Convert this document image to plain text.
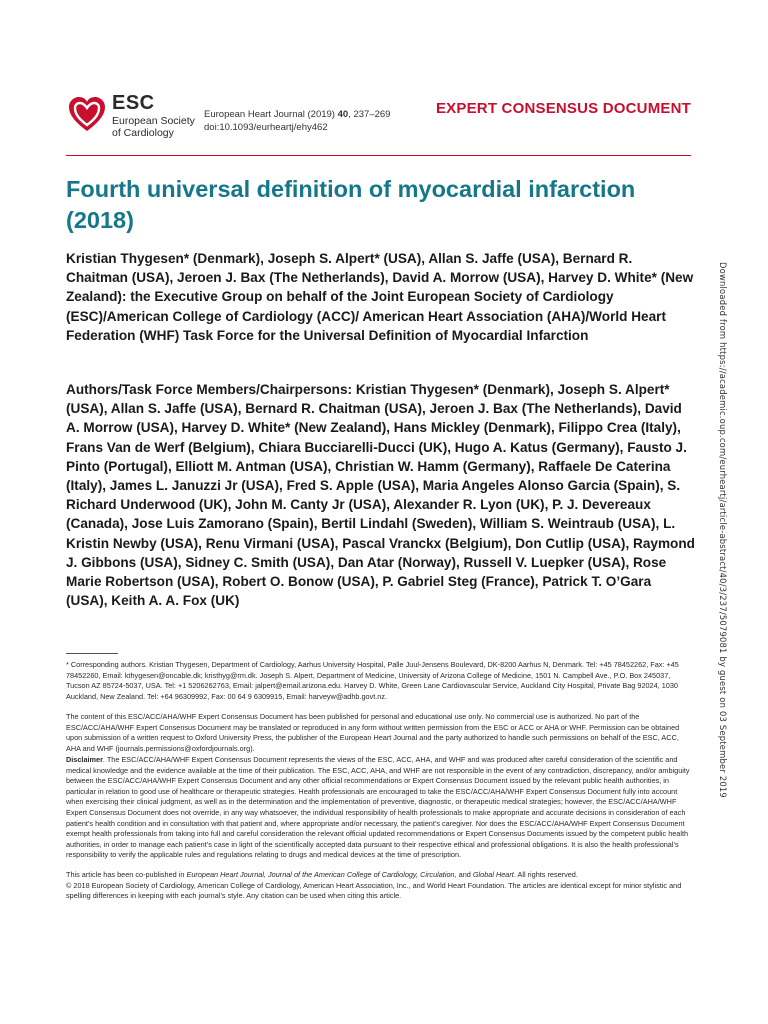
ESC
European Society
of Cardiology
European Heart Journal (2019) 40, 237–269
doi:10.1093/eurheartj/ehy462
EXPERT CONSENSUS DOCUMENT
Fourth universal definition of myocardial infarction (2018)

Kristian Thygesen* (Denmark), Joseph S. Alpert* (USA), Allan S. Jaffe (USA), Bernard R. Chaitman (USA), Jeroen J. Bax (The Netherlands), David A. Morrow (USA), Harvey D. White* (New Zealand): the Executive Group on behalf of the Joint European Society of Cardiology (ESC)/American College of Cardiology (ACC)/ American Heart Association (AHA)/World Heart Federation (WHF) Task Force for the Universal Definition of Myocardial Infarction

Authors/Task Force Members/Chairpersons: Kristian Thygesen* (Denmark), Joseph S. Alpert* (USA), Allan S. Jaffe (USA), Bernard R. Chaitman (USA), Jeroen J. Bax (The Netherlands), David A. Morrow (USA), Harvey D. White* (New Zealand), Hans Mickley (Denmark), Filippo Crea (Italy), Frans Van de Werf (Belgium), Chiara Bucciarelli-Ducci (UK), Hugo A. Katus (Germany), Fausto J. Pinto (Portugal), Elliott M. Antman (USA), Christian W. Hamm (Germany), Raffaele De Caterina (Italy), James L. Januzzi Jr (USA), Fred S. Apple (USA), Maria Angeles Alonso Garcia (Spain), S. Richard Underwood (UK), John M. Canty Jr (USA), Alexander R. Lyon (UK), P. J. Devereaux (Canada), Jose Luis Zamorano (Spain), Bertil Lindahl (Sweden), William S. Weintraub (USA), L. Kristin Newby (USA), Renu Virmani (USA), Pascal Vranckx (Belgium), Don Cutlip (USA), Raymond J. Gibbons (USA), Sidney C. Smith (USA), Dan Atar (Norway), Russell V. Luepker (USA), Rose Marie Robertson (USA), Robert O. Bonow (USA), P. Gabriel Steg (France), Patrick T. O’Gara (USA), Keith A. A. Fox (UK)

* Corresponding authors. Kristian Thygesen, Department of Cardiology, Aarhus University Hospital, Palle Juul-Jensens Boulevard, DK-8200 Aarhus N, Denmark. Tel: +45 78452262, Fax: +45 78452260, Email: kthygesen@oncable.dk; kristhyg@rm.dk. Joseph S. Alpert, Department of Medicine, University of Arizona College of Medicine, 1501 N. Campbell Ave., P.O. Box 245037, Tucson AZ 85724-5037, USA. Tel: +1 5206262763, Email: jalpert@email.arizona.edu. Harvey D. White, Green Lane Cardiovascular Service, Auckland City Hospital, Private Bag 92024, 1030 Auckland, New Zealand. Tel: +64 96309992, Fax: 00 64 9 6309915, Email: harveyw@adhb.govt.nz.

The content of this ESC/ACC/AHA/WHF Expert Consensus Document has been published for personal and educational use only. No commercial use is authorized. No part of the ESC/ACC/AHA/WHF Expert Consensus Document may be translated or reproduced in any form without written permission from the ESC or ACC or AHA or WHF. Permission can be obtained upon submission of a written request to Oxford University Press, the publisher of the European Heart Journal and the party authorized to handle such permissions on behalf of the ESC, ACC, AHA and WHF (journals.permissions@oxfordjournals.org).

Disclaimer. The ESC/ACC/AHA/WHF Expert Consensus Document represents the views of the ESC, ACC, AHA, and WHF and was produced after careful consideration of the scientific and medical knowledge and the evidence available at the time of their publication. The ESC, ACC, AHA, and WHF are not responsible in the event of any contradiction, discrepancy, and/or ambiguity between the ESC/ACC/AHA/WHF Expert Consensus Document and any other official recommendations or Expert Consensus Document issued by the relevant public health authorities, in particular in relation to good use of healthcare or therapeutic strategies. Health professionals are encouraged to take the ESC/ACC/AHA/WHF Expert Consensus Document fully into account when exercising their clinical judgment, as well as in the determination and the implementation of preventive, diagnostic, or therapeutic medical strategies; however, the ESC/ACC/AHA/WHF Expert Consensus Document does not override, in any way whatsoever, the individual responsibility of health professionals to make appropriate and accurate decisions in consideration of each patient’s health condition and in consultation with that patient and, where appropriate and/or necessary, the patient’s caregiver. Nor does the ESC/ACC/AHA/WHF Expert Consensus Document exempt health professionals from taking into full and careful consideration the relevant official updated recommendations or Expert Consensus Documents issued by the competent public health authorities, in order to manage each patient’s case in light of the scientifically accepted data pursuant to their respective ethical and professional obligations. It is also the health professional’s responsibility to verify the applicable rules and regulations relating to drugs and medical devices at the time of prescription.

This article has been co-published in European Heart Journal, Journal of the American College of Cardiology, Circulation, and Global Heart. All rights reserved.
© 2018 European Society of Cardiology, American College of Cardiology, American Heart Association, Inc., and World Heart Foundation. The articles are identical except for minor stylistic and spelling differences in keeping with each journal’s style. Any citation can be used when citing this article.

Downloaded from https://academic.oup.com/eurheartj/article-abstract/40/3/237/5079081 by guest on 03 September 2019
